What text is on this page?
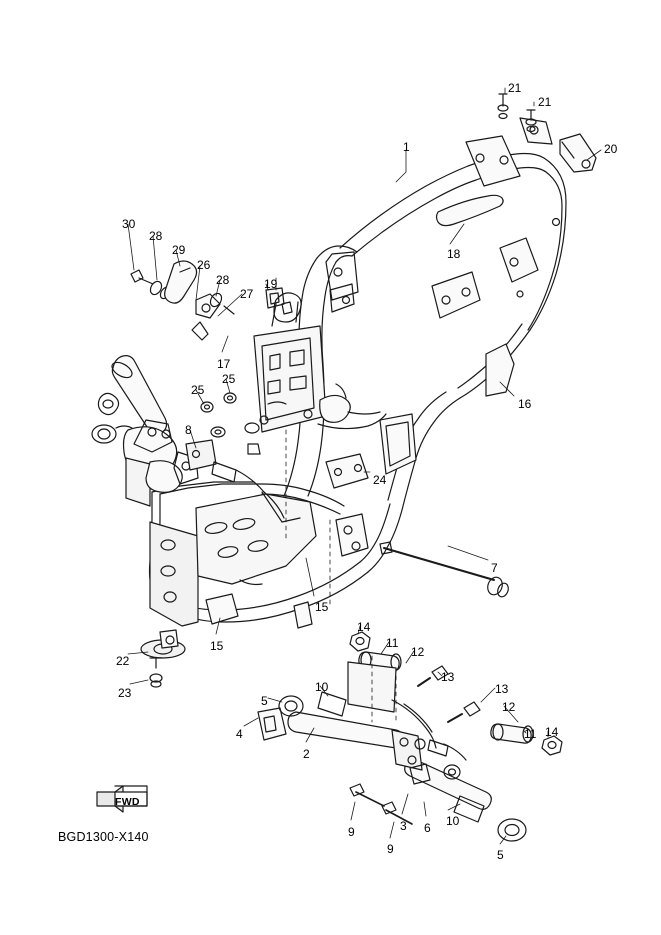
21
21
20
1
18
30
28
29
26
28	19
27
17
25
25
16
8
24
7
15
15
14
11
12
13
13
12
11 14
10
5
22
23
4
2
10
6
3
9
9	5
FWD
BGD1300-X140
